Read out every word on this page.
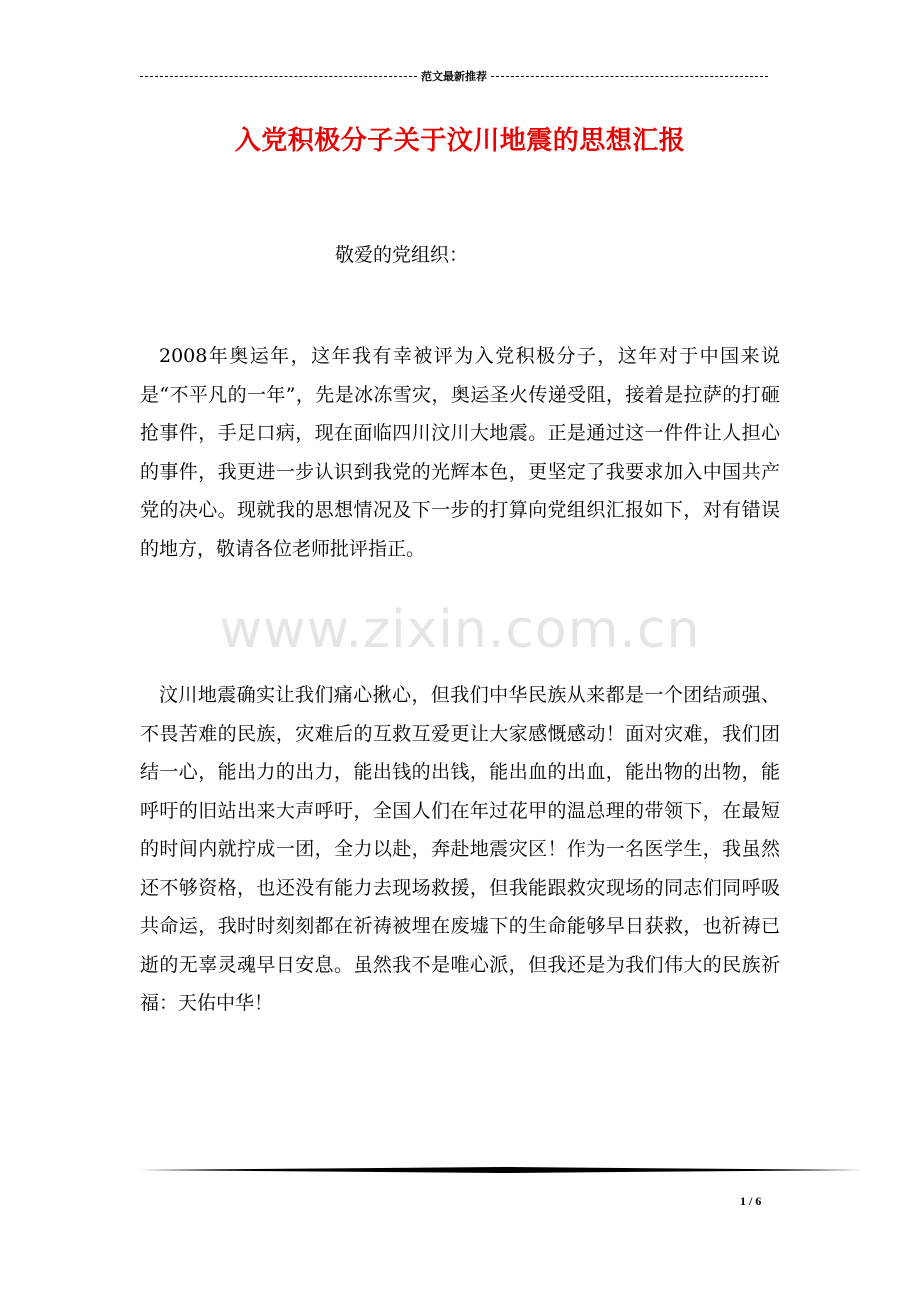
范文最新推荐
入党积极分子关于汶川地震的思想汇报
敬爱的党组织：
2008年奥运年，这年我有幸被评为入党积极分子，这年对于中国来说是“不平凡的一年”，先是冰冻雪灾，奥运圣火传递受阻，接着是拉萨的打砸抢事件，手足口病，现在面临四川汶川大地震。正是通过这一件件让人担心的事件，我更进一步认识到我党的光辉本色，更坚定了我要求加入中国共产党的决心。现就我的思想情况及下一步的打算向党组织汇报如下，对有错误的地方，敬请各位老师批评指正。
www.zixin.com.cn
汶川地震确实让我们痛心揪心，但我们中华民族从来都是一个团结顽强、不畏苦难的民族，灾难后的互救互爱更让大家感慨感动！面对灾难，我们团结一心，能出力的出力，能出钱的出钱，能出血的出血，能出物的出物，能呼吁的旧站出来大声呼吁，全国人们在年过花甲的温总理的带领下，在最短的时间内就拧成一团，全力以赴，奔赴地震灾区！作为一名医学生，我虽然还不够资格，也还没有能力去现场救援，但我能跟救灾现场的同志们同呼吸共命运，我时时刻刻都在祈祷被埋在废墟下的生命能够早日获救，也祈祷已逝的无辜灵魂早日安息。虽然我不是唯心派，但我还是为我们伟大的民族祈福：天佑中华！
1 / 6
